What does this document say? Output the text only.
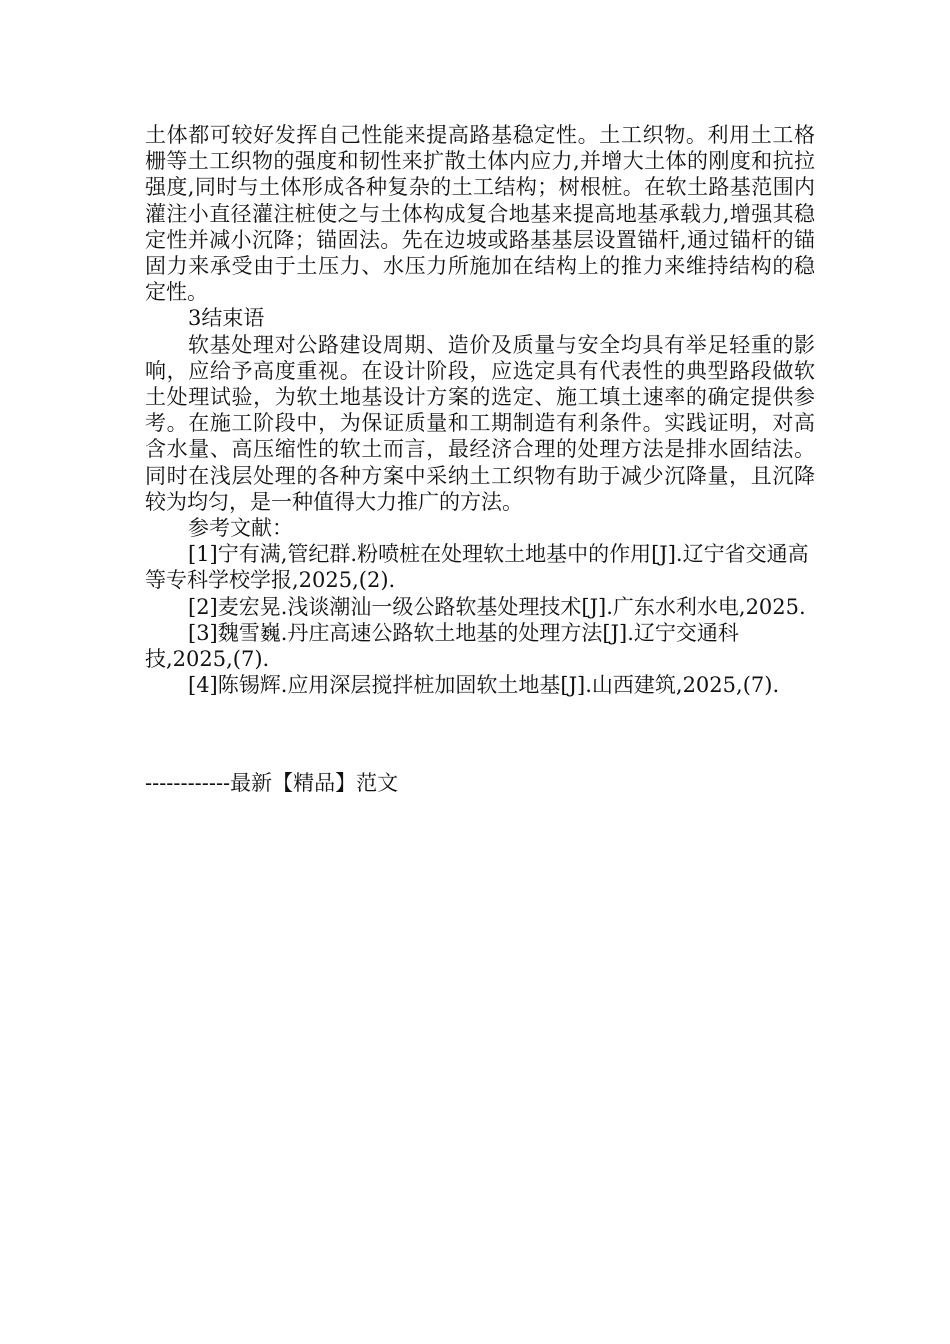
土体都可较好发挥自己性能来提高路基稳定性。土工织物。利用土工格栅等土工织物的强度和韧性来扩散土体内应力,并增大土体的刚度和抗拉强度,同时与土体形成各种复杂的土工结构；树根桩。在软土路基范围内灌注小直径灌注桩使之与土体构成复合地基来提高地基承载力,增强其稳定性并减小沉降；锚固法。先在边坡或路基基层设置锚杆,通过锚杆的锚固力来承受由于土压力、水压力所施加在结构上的推力来维持结构的稳定性。

3结束语

软基处理对公路建设周期、造价及质量与安全均具有举足轻重的影响，应给予高度重视。在设计阶段，应选定具有代表性的典型路段做软土处理试验，为软土地基设计方案的选定、施工填土速率的确定提供参考。在施工阶段中，为保证质量和工期制造有利条件。实践证明，对高含水量、高压缩性的软土而言，最经济合理的处理方法是排水固结法。同时在浅层处理的各种方案中采纳土工织物有助于减少沉降量，且沉降较为均匀，是一种值得大力推广的方法。

参考文献：

[1]宁有满,管纪群.粉喷桩在处理软土地基中的作用[J].辽宁省交通高等专科学校学报,2025,(2).

[2]麦宏晃.浅谈潮汕一级公路软基处理技术[J].广东水利水电,2025.

[3]魏雪巍.丹庄高速公路软土地基的处理方法[J].辽宁交通科技,2025,(7).

[4]陈锡辉.应用深层搅拌桩加固软土地基[J].山西建筑,2025,(7).

------------最新【精品】范文
